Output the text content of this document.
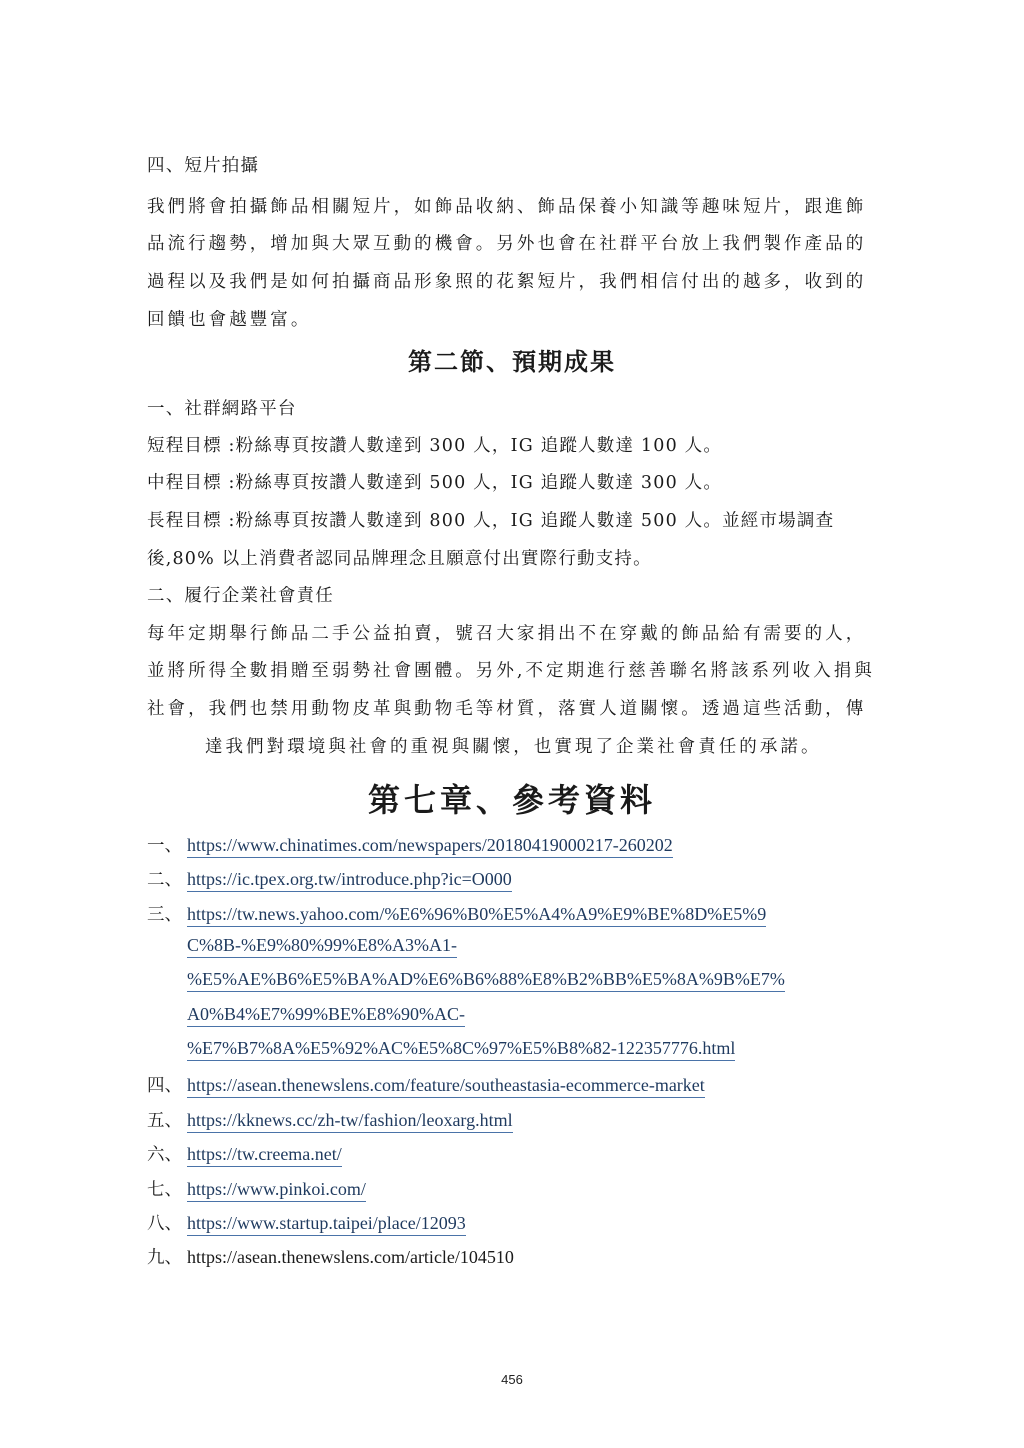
四、短片拍攝
我們將會拍攝飾品相關短片，如飾品收納、飾品保養小知識等趣味短片，跟進飾
品流行趨勢，增加與大眾互動的機會。另外也會在社群平台放上我們製作產品的
過程以及我們是如何拍攝商品形象照的花絮短片，我們相信付出的越多，收到的
回饋也會越豐富。
第二節、預期成果
一、社群網路平台
短程目標 :粉絲專頁按讚人數達到 300 人，IG 追蹤人數達 100 人。
中程目標 :粉絲專頁按讚人數達到 500 人，IG 追蹤人數達 300 人。
長程目標 :粉絲專頁按讚人數達到 800 人，IG 追蹤人數達 500 人。並經市場調查
後,80% 以上消費者認同品牌理念且願意付出實際行動支持。
二、履行企業社會責任
每年定期舉行飾品二手公益拍賣，號召大家捐出不在穿戴的飾品給有需要的人，
並將所得全數捐贈至弱勢社會團體。另外,不定期進行慈善聯名將該系列收入捐與
社會，我們也禁用動物皮革與動物毛等材質，落實人道關懷。透過這些活動，傳
達我們對環境與社會的重視與關懷，也實現了企業社會責任的承諾。
第七章、參考資料
一、 https://www.chinatimes.com/newspapers/20180419000217-260202
二、 https://ic.tpex.org.tw/introduce.php?ic=O000
三、 https://tw.news.yahoo.com/%E6%96%B0%E5%A4%A9%E9%BE%8D%E5%9
C%8B-%E9%80%99%E8%A3%A1-
%E5%AE%B6%E5%BA%AD%E6%B6%88%E8%B2%BB%E5%8A%9B%E7%
A0%B4%E7%99%BE%E8%90%AC-
%E7%B7%8A%E5%92%AC%E5%8C%97%E5%B8%82-122357776.html
四、 https://asean.thenewslens.com/feature/southeastasia-ecommerce-market
五、 https://kknews.cc/zh-tw/fashion/leoxarg.html
六、 https://tw.creema.net/
七、 https://www.pinkoi.com/
八、 https://www.startup.taipei/place/12093
九、 https://asean.thenewslens.com/article/104510
456
